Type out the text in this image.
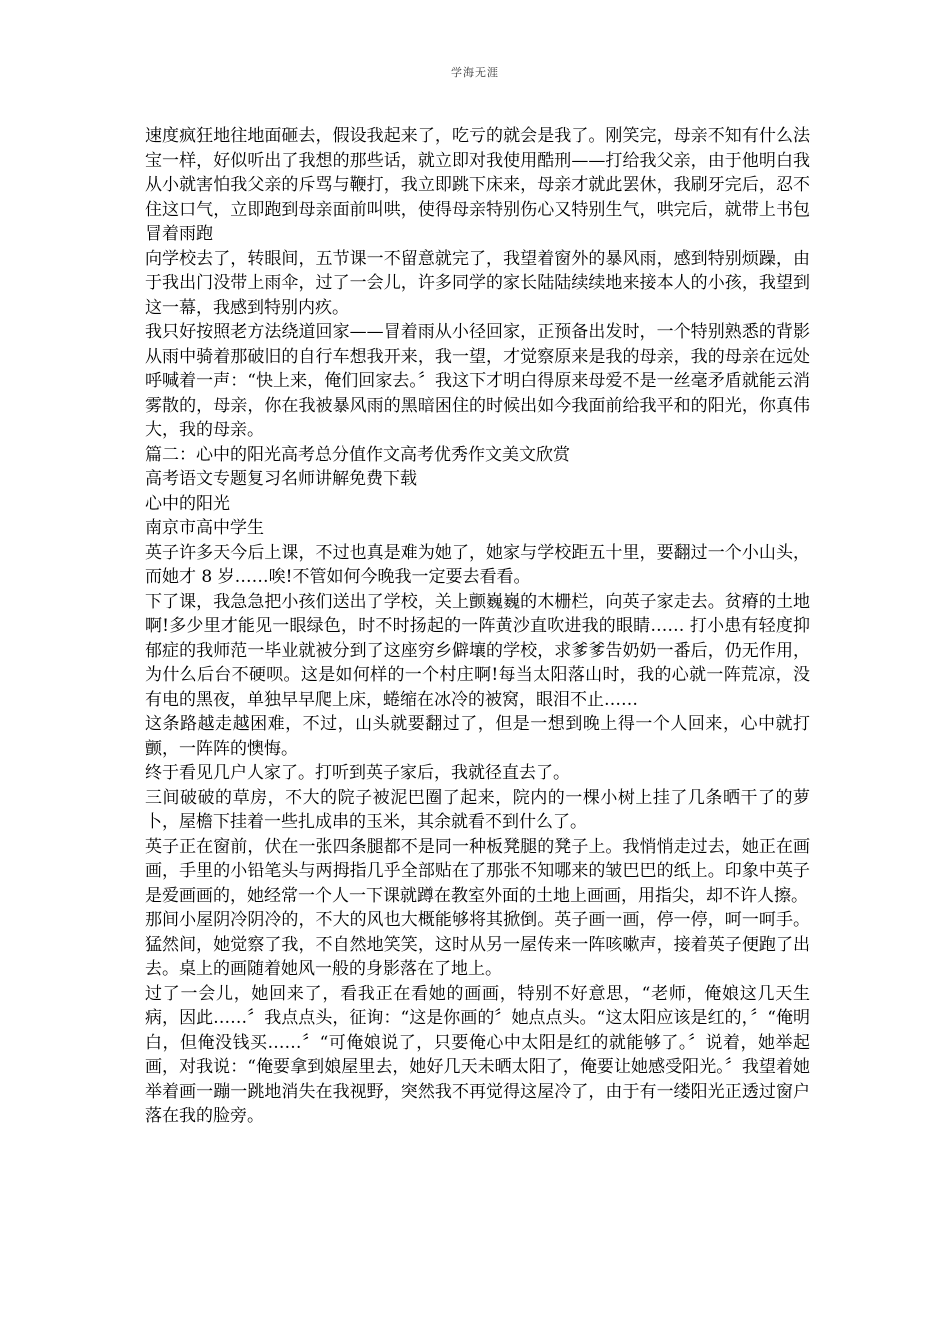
学海无涯

速度疯狂地往地面砸去，假设我起来了，吃亏的就会是我了。刚笑完，母亲不知有什么法宝一样，好似听出了我想的那些话，就立即对我使用酷刑——打给我父亲，由于他明白我从小就害怕我父亲的斥骂与鞭打，我立即跳下床来，母亲才就此罢休，我刷牙完后，忍不住这口气，立即跑到母亲面前叫哄，使得母亲特别伤心又特别生气，哄完后，就带上书包冒着雨跑

向学校去了，转眼间，五节课一不留意就完了，我望着窗外的暴风雨，感到特别烦躁，由于我出门没带上雨伞，过了一会儿，许多同学的家长陆陆续续地来接本人的小孩，我望到这一幕，我感到特别内疚。

我只好按照老方法绕道回家——冒着雨从小径回家，正预备出发时，一个特别熟悉的背影从雨中骑着那破旧的自行车想我开来，我一望，才觉察原来是我的母亲，我的母亲在远处呼喊着一声：“快上来，俺们回家去。〞我这下才明白得原来母爱不是一丝毫矛盾就能云消雾散的，母亲，你在我被暴风雨的黑暗困住的时候出如今我面前给我平和的阳光，你真伟大，我的母亲。

篇二：心中的阳光高考总分值作文高考优秀作文美文欣赏

高考语文专题复习名师讲解免费下载

心中的阳光

南京市高中学生

英子许多天今后上课，不过也真是难为她了，她家与学校距五十里，要翻过一个小山头，而她才 8 岁……唉!不管如何今晚我一定要去看看。

下了课，我急急把小孩们送出了学校，关上颤巍巍的木栅栏，向英子家走去。贫瘠的土地啊!多少里才能见一眼绿色，时不时扬起的一阵黄沙直吹进我的眼睛…… 打小患有轻度抑郁症的我师范一毕业就被分到了这座穷乡僻壤的学校，求爹爹告奶奶一番后，仍无作用，为什么后台不硬呗。这是如何样的一个村庄啊!每当太阳落山时，我的心就一阵荒凉，没有电的黑夜，单独早早爬上床，蜷缩在冰冷的被窝，眼泪不止……

这条路越走越困难，不过，山头就要翻过了，但是一想到晚上得一个人回来，心中就打颤，一阵阵的懊悔。

终于看见几户人家了。打听到英子家后，我就径直去了。

三间破破的草房，不大的院子被泥巴圈了起来，院内的一棵小树上挂了几条晒干了的萝卜，屋檐下挂着一些扎成串的玉米，其余就看不到什么了。

英子正在窗前，伏在一张四条腿都不是同一种板凳腿的凳子上。我悄悄走过去，她正在画画，手里的小铅笔头与两拇指几乎全部贴在了那张不知哪来的皱巴巴的纸上。印象中英子是爱画画的，她经常一个人一下课就蹲在教室外面的土地上画画，用指尖，却不许人擦。

那间小屋阴冷阴冷的，不大的风也大概能够将其掀倒。英子画一画，停一停，呵一呵手。猛然间，她觉察了我，不自然地笑笑，这时从另一屋传来一阵咳嗽声，接着英子便跑了出去。桌上的画随着她风一般的身影落在了地上。

过了一会儿，她回来了，看我正在看她的画画，特别不好意思，“老师，俺娘这几天生病，因此……〞我点点头，征询：“这是你画的〞她点点头。“这太阳应该是红的，〞“俺明白，但俺没钱买……〞“可俺娘说了，只要俺心中太阳是红的就能够了。〞说着，她举起画，对我说：“俺要拿到娘屋里去，她好几天未晒太阳了，俺要让她感受阳光。〞我望着她举着画一蹦一跳地消失在我视野，突然我不再觉得这屋冷了，由于有一缕阳光正透过窗户落在我的脸旁。
